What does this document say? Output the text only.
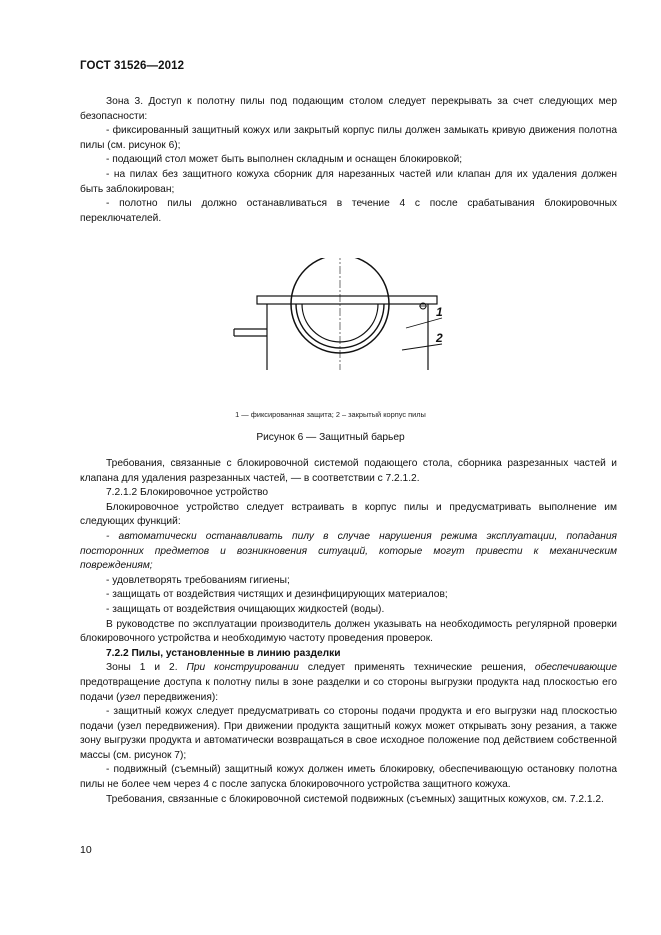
ГОСТ 31526—2012

Зона 3. Доступ к полотну пилы под подающим столом следует перекрывать за счет следующих мер безопасности:

- фиксированный защитный кожух или закрытый корпус пилы должен замыкать кривую движения полотна пилы (см. рисунок 6);

- подающий стол может быть выполнен складным и оснащен блокировкой;

- на пилах без защитного кожуха сборник для нарезанных частей или клапан для их удаления должен быть заблокирован;

- полотно пилы должно останавливаться в течение 4 с после срабатывания блокировочных переключателей.

1
2
1 — фиксированная защита; 2 – закрытый корпус пилы
Рисунок 6 — Защитный барьер

Требования, связанные с блокировочной системой подающего стола, сборника разрезанных частей и клапана для удаления разрезанных частей, — в соответствии с 7.2.1.2.

7.2.1.2 Блокировочное устройство

Блокировочное устройство следует встраивать в корпус пилы и предусматривать выполнение им следующих функций:

- автоматически останавливать пилу в случае нарушения режима эксплуатации, попадания посторонних предметов и возникновения ситуаций, которые могут привести к механическим повреждениям;

- удовлетворять требованиям гигиены;

- защищать от воздействия чистящих и дезинфицирующих материалов;

- защищать от воздействия очищающих жидкостей (воды).

В руководстве по эксплуатации производитель должен указывать на необходимость регулярной проверки блокировочного устройства и необходимую частоту проведения проверок.

7.2.2 Пилы, установленные в линию разделки

Зоны 1 и 2. При конструировании следует применять технические решения, обеспечивающие предотвращение доступа к полотну пилы в зоне разделки и со стороны выгрузки продукта над плоскостью его подачи (узел передвижения):

- защитный кожух следует предусматривать со стороны подачи продукта и его выгрузки над плоскостью подачи (узел передвижения). При движении продукта защитный кожух может открывать зону резания, а также зону выгрузки продукта и автоматически возвращаться в свое исходное положение под действием собственной массы (см. рисунок 7);

- подвижный (съемный) защитный кожух должен иметь блокировку, обеспечивающую остановку полотна пилы не более чем через 4 с после запуска блокировочного устройства защитного кожуха.

Требования, связанные с блокировочной системой подвижных (съемных) защитных кожухов, см. 7.2.1.2.

10
